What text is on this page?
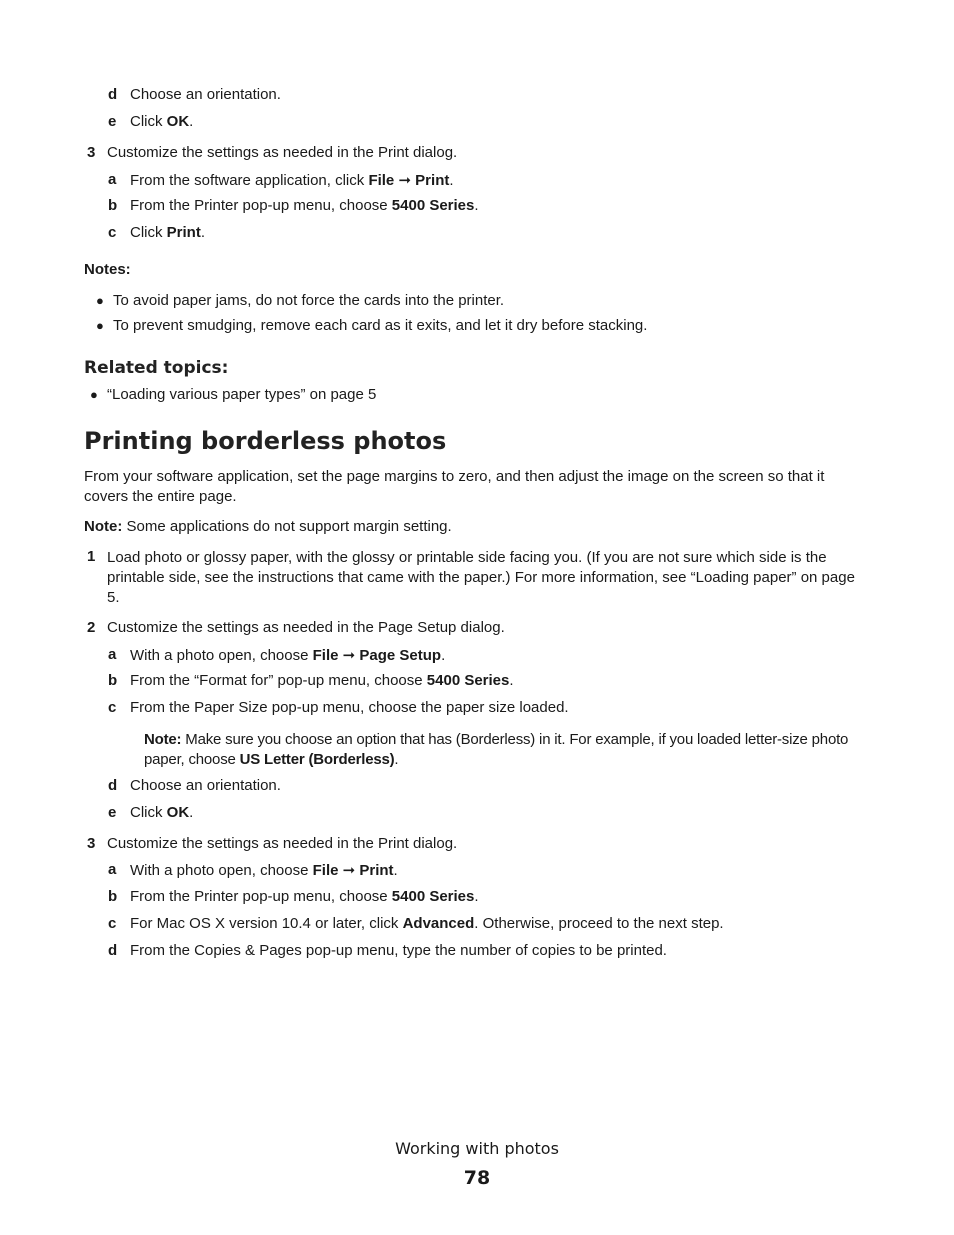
d Choose an orientation.
e Click OK.
3 Customize the settings as needed in the Print dialog.
a From the software application, click File ➞ Print.
b From the Printer pop-up menu, choose 5400 Series.
c Click Print.
Notes:
● To avoid paper jams, do not force the cards into the printer.
● To prevent smudging, remove each card as it exits, and let it dry before stacking.
Related topics:
● “Loading various paper types” on page 5
Printing borderless photos
From your software application, set the page margins to zero, and then adjust the image on the screen so that it covers the entire page.
Note: Some applications do not support margin setting.
1 Load photo or glossy paper, with the glossy or printable side facing you. (If you are not sure which side is the printable side, see the instructions that came with the paper.) For more information, see “Loading paper” on page 5.
2 Customize the settings as needed in the Page Setup dialog.
a With a photo open, choose File ➞ Page Setup.
b From the “Format for” pop-up menu, choose 5400 Series.
c From the Paper Size pop-up menu, choose the paper size loaded.
Note: Make sure you choose an option that has (Borderless) in it. For example, if you loaded letter-size photo paper, choose US Letter (Borderless).
d Choose an orientation.
e Click OK.
3 Customize the settings as needed in the Print dialog.
a With a photo open, choose File ➞ Print.
b From the Printer pop-up menu, choose 5400 Series.
c For Mac OS X version 10.4 or later, click Advanced. Otherwise, proceed to the next step.
d From the Copies & Pages pop-up menu, type the number of copies to be printed.
Working with photos
78
